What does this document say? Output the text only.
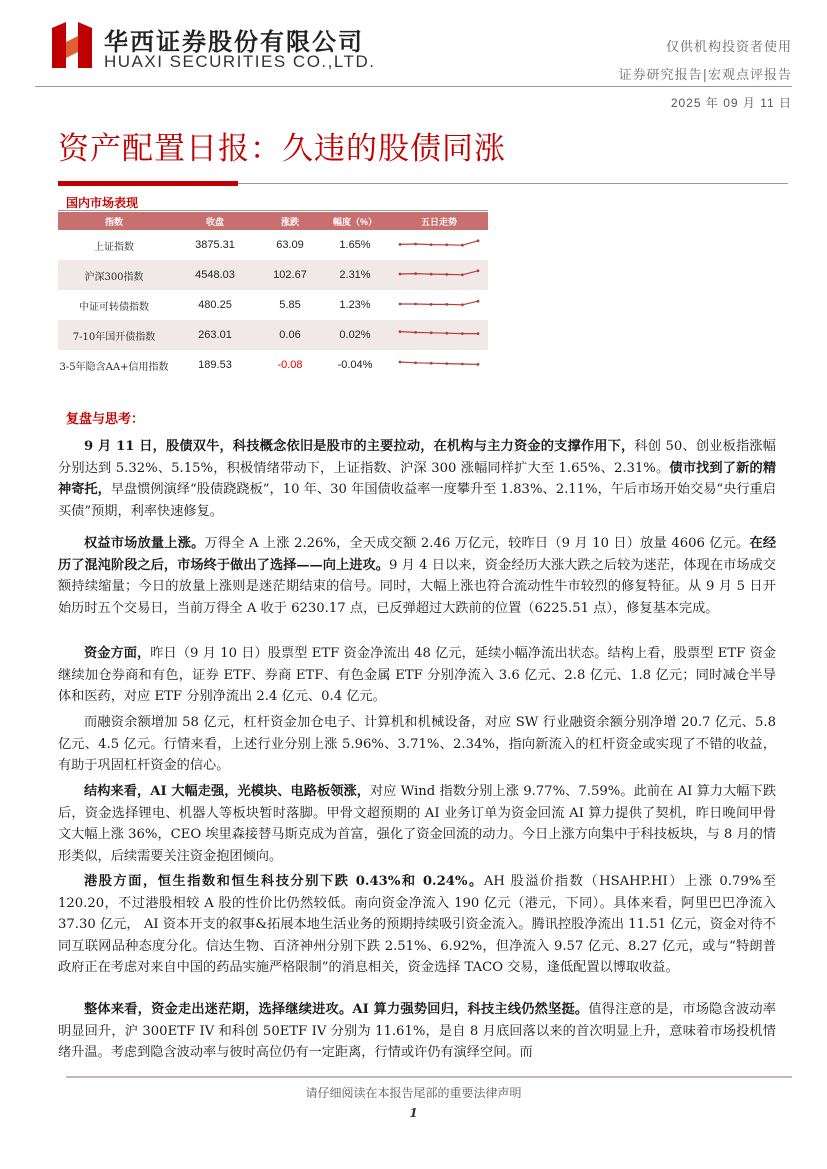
华西证券股份有限公司
HUAXI SECURITIES CO.,LTD.
仅供机构投资者使用
证券研究报告|宏观点评报告
2025 年 09 月 11 日
资产配置日报：久违的股债同涨
国内市场表现
指数	收盘	涨跌	幅度（%）	五日走势
上证指数	3875.31	63.09	1.65%
沪深300指数	4548.03	102.67	2.31%
中证可转债指数	480.25	5.85	1.23%
7-10年国开债指数	263.01	0.06	0.02%
3-5年隐含AA+信用指数	189.53	-0.08	-0.04%
复盘与思考：
9 月 11 日，股债双牛，科技概念依旧是股市的主要拉动，在机构与主力资金的支撑作用下，科创 50、创业板指涨幅分别达到 5.32%、5.15%，积极情绪带动下，上证指数、沪深 300 涨幅同样扩大至 1.65%、2.31%。债市找到了新的精神寄托，早盘惯例演绎“股债跷跷板”，10 年、30 年国债收益率一度攀升至 1.83%、2.11%，午后市场开始交易“央行重启买债”预期，利率快速修复。
权益市场放量上涨。万得全 A 上涨 2.26%，全天成交额 2.46 万亿元，较昨日（9 月 10 日）放量 4606 亿元。在经历了混沌阶段之后，市场终于做出了选择——向上进攻。9 月 4 日以来，资金经历大涨大跌之后较为迷茫，体现在市场成交额持续缩量；今日的放量上涨则是迷茫期结束的信号。同时，大幅上涨也符合流动性牛市较烈的修复特征。从 9 月 5 日开始历时五个交易日，当前万得全 A 收于 6230.17 点，已反弹超过大跌前的位置（6225.51 点），修复基本完成。
资金方面，昨日（9 月 10 日）股票型 ETF 资金净流出 48 亿元，延续小幅净流出状态。结构上看，股票型 ETF 资金继续加仓券商和有色，证券 ETF、券商 ETF、有色金属 ETF 分别净流入 3.6 亿元、2.8 亿元、1.8 亿元；同时减仓半导体和医药，对应 ETF 分别净流出 2.4 亿元、0.4 亿元。
而融资余额增加 58 亿元，杠杆资金加仓电子、计算机和机械设备，对应 SW 行业融资余额分别净增 20.7 亿元、5.8 亿元、4.5 亿元。行情来看，上述行业分别上涨 5.96%、3.71%、2.34%，指向新流入的杠杆资金或实现了不错的收益，有助于巩固杠杆资金的信心。
结构来看，AI 大幅走强，光模块、电路板领涨，对应 Wind 指数分别上涨 9.77%、7.59%。此前在 AI 算力大幅下跌后，资金选择锂电、机器人等板块暂时落脚。甲骨文超预期的 AI 业务订单为资金回流 AI 算力提供了契机，昨日晚间甲骨文大幅上涨 36%，CEO 埃里森接替马斯克成为首富，强化了资金回流的动力。今日上涨方向集中于科技板块，与 8 月的情形类似，后续需要关注资金抱团倾向。
港股方面，恒生指数和恒生科技分别下跌 0.43%和 0.24%。AH 股溢价指数（HSAHP.HI）上涨 0.79%至 120.20，不过港股相较 A 股的性价比仍然较低。南向资金净流入 190 亿元（港元，下同）。具体来看，阿里巴巴净流入 37.30 亿元， AI 资本开支的叙事&拓展本地生活业务的预期持续吸引资金流入。腾讯控股净流出 11.51 亿元，资金对待不同互联网品种态度分化。信达生物、百济神州分别下跌 2.51%、6.92%，但净流入 9.57 亿元、8.27 亿元，或与“特朗普政府正在考虑对来自中国的药品实施严格限制”的消息相关，资金选择 TACO 交易，逢低配置以博取收益。
整体来看，资金走出迷茫期，选择继续进攻。AI 算力强势回归，科技主线仍然坚挺。值得注意的是，市场隐含波动率明显回升，沪 300ETF IV 和科创 50ETF IV 分别为 11.61%，是自 8 月底回落以来的首次明显上升，意味着市场投机情绪升温。考虑到隐含波动率与彼时高位仍有一定距离，行情或许仍有演绎空间。而
请仔细阅读在本报告尾部的重要法律声明
1
